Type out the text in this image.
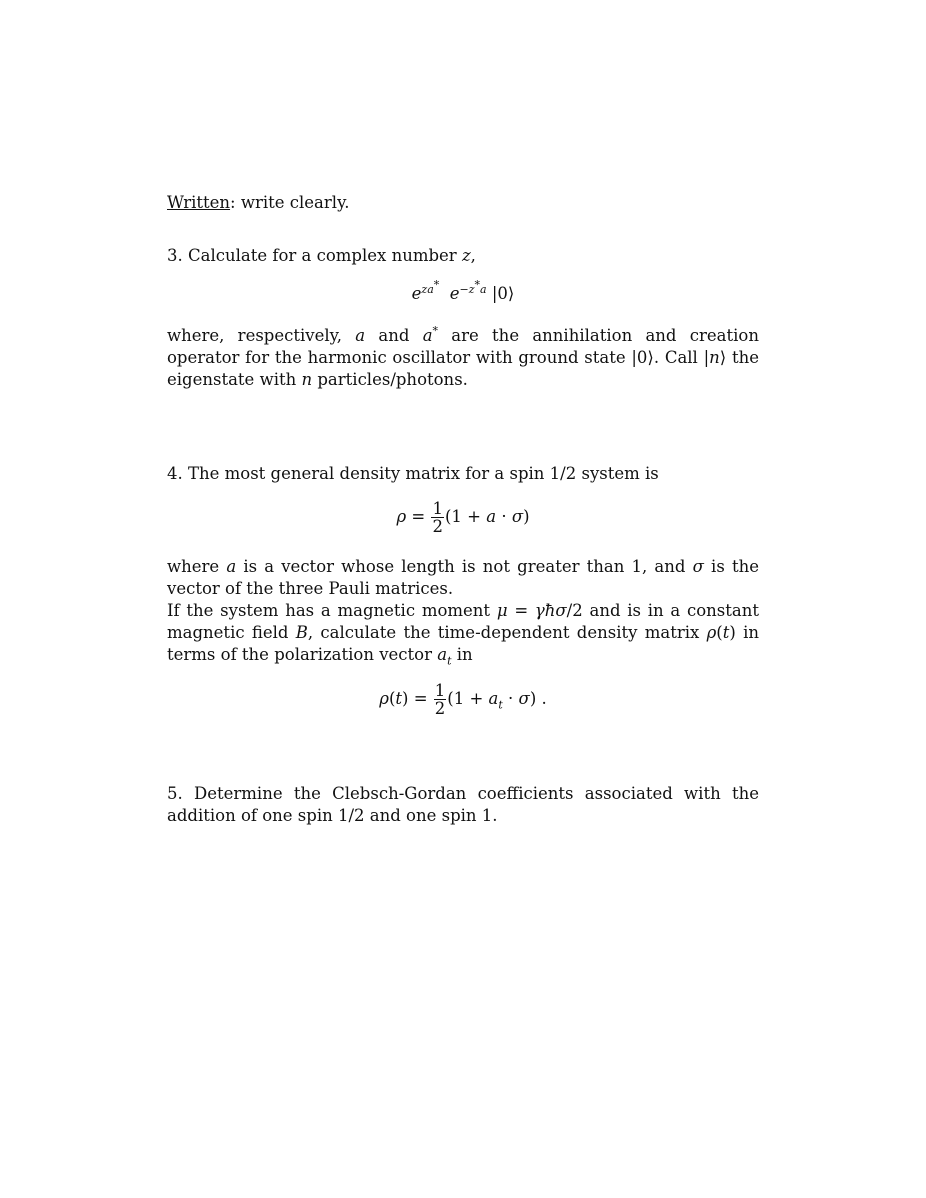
Written: write clearly.
3. Calculate for a complex number z,
$e^{za^*}$ $e^{-z^*a}$ |0⟩
where, respectively, a and a* are the annihilation and creation operator for the harmonic oscillator with ground state |0⟩. Call |n⟩ the eigenstate with n particles/photons.
4. The most general density matrix for a spin 1/2 system is
$\rho = \frac{1}{2} (1 + a \cdot \sigma)$
where a is a vector whose length is not greater than 1, and σ is the vector of the three Pauli matrices.
If the system has a magnetic moment μ = γħσ/2 and is in a constant magnetic field B, calculate the time-dependent density matrix ρ(t) in terms of the polarization vector $a_t$ in
$\rho(t) = \frac{1}{2} (1 + a_t \cdot \sigma)$ .
5. Determine the Clebsch-Gordan coefficients associated with the addition of one spin 1/2 and one spin 1.
